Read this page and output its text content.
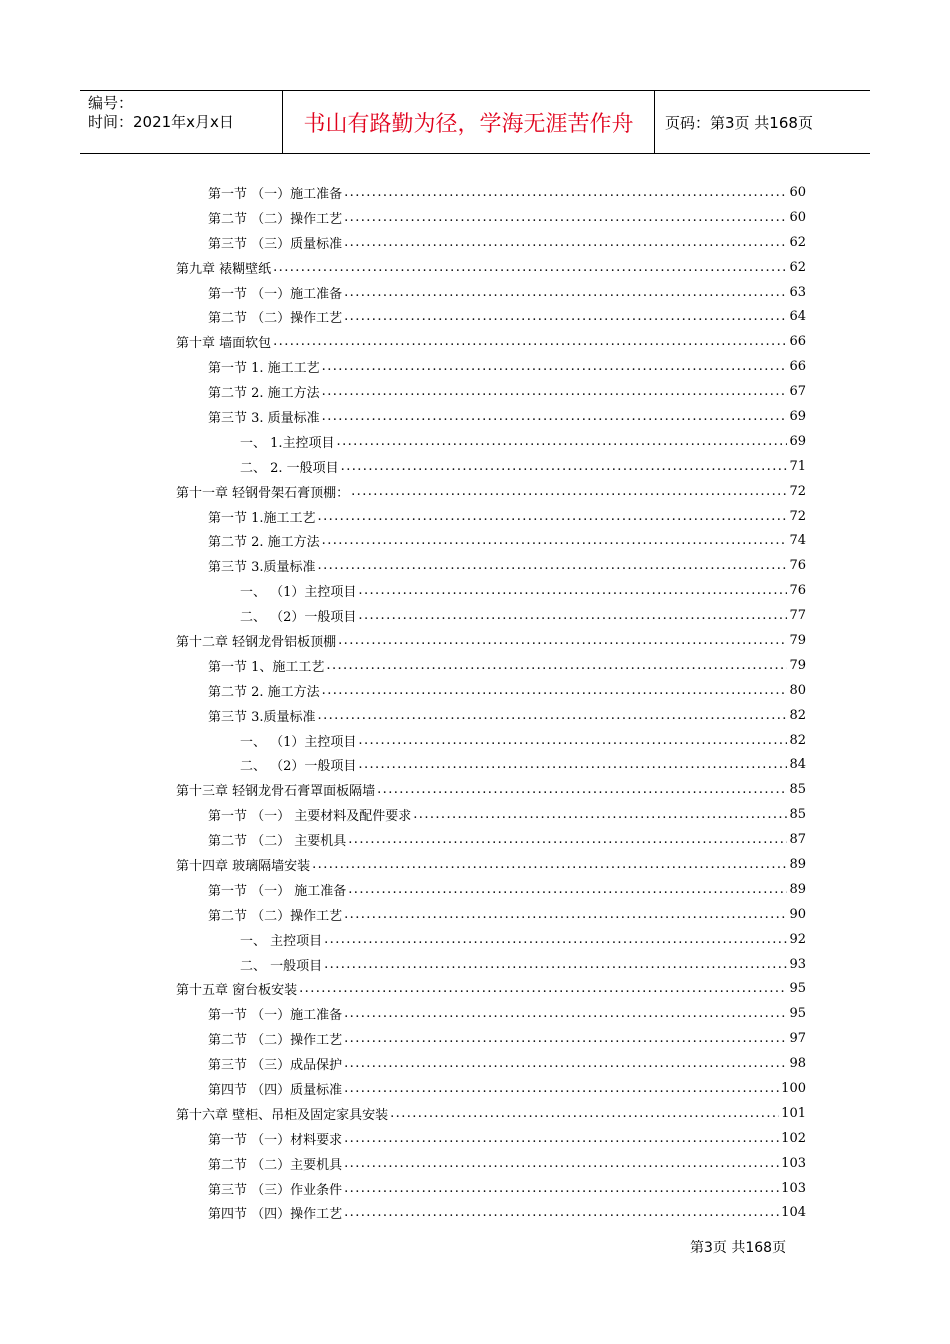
编号：
时间：2021年x月x日	书山有路勤为径，学海无涯苦作舟	页码：第3页 共168页
第一节 （一）施工准备 .....	60
第二节 （二）操作工艺 .....	60
第三节 （三）质量标准 .....	62
第九章 裱糊壁纸 .....	62
第一节 （一）施工准备 .....	63
第二节 （二）操作工艺 .....	64
第十章 墙面软包 .....	66
第一节 1. 施工工艺 .....	66
第二节 2. 施工方法 .....	67
第三节 3. 质量标准 .....	69
一、 1.主控项目 .....	69
二、 2. 一般项目 .....	71
第十一章 轻钢骨架石膏顶棚： .....	72
第一节 1.施工工艺 .....	72
第二节 2. 施工方法 .....	74
第三节 3.质量标准 .....	76
一、 （1）主控项目 .....	76
二、 （2）一般项目 .....	77
第十二章 轻钢龙骨铝板顶棚 .....	79
第一节 1、施工工艺 .....	79
第二节 2. 施工方法 .....	80
第三节 3.质量标准 .....	82
一、 （1）主控项目 .....	82
二、 （2）一般项目 .....	84
第十三章 轻钢龙骨石膏罩面板隔墙 .....	85
第一节 （一） 主要材料及配件要求 .....	85
第二节 （二） 主要机具 .....	87
第十四章 玻璃隔墙安装 .....	89
第一节 （一） 施工准备 .....	89
第二节 （二）操作工艺 .....	90
一、 主控项目 .....	92
二、 一般项目 .....	93
第十五章 窗台板安装 .....	95
第一节 （一）施工准备 .....	95
第二节 （二）操作工艺 .....	97
第三节 （三）成品保护 .....	98
第四节 （四）质量标准 .....	100
第十六章 壁柜、吊柜及固定家具安装 .....	101
第一节 （一）材料要求 .....	102
第二节 （二）主要机具 .....	103
第三节 （三）作业条件 .....	103
第四节 （四）操作工艺 .....	104
第3页 共168页
